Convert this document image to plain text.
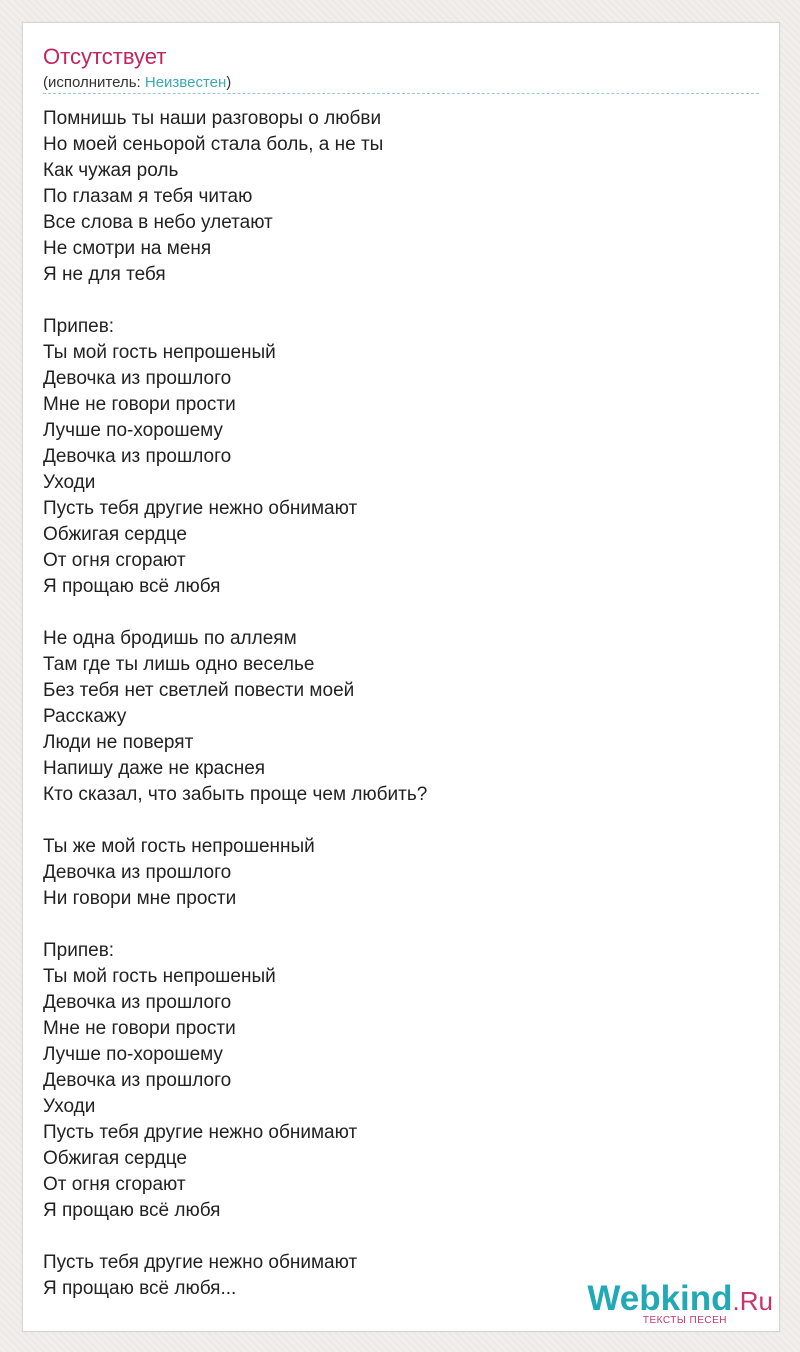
Отсутствует
(исполнитель: Неизвестен)
Помнишь ты наши разговоры о любви
Но моей сеньорой стала боль, а не ты
Как чужая роль
По глазам я тебя читаю
Все слова в небо улетают
Не смотри на меня
Я не для тебя
Припев:
Ты мой гость непрошеный
Девочка из прошлого
Мне не говори прости
Лучше по-хорошему
Девочка из прошлого
Уходи
Пусть тебя другие нежно обнимают
Обжигая сердце
От огня сгорают
Я прощаю всё любя
Не одна бродишь по аллеям
Там где ты лишь одно веселье
Без тебя нет светлей повести моей
Расскажу
Люди не поверят
Напишу даже не краснея
Кто сказал, что забыть проще чем любить?
Ты же мой гость непрошенный
Девочка из прошлого
Ни говори мне прости
Припев:
Ты мой гость непрошеный
Девочка из прошлого
Мне не говори прости
Лучше по-хорошему
Девочка из прошлого
Уходи
Пусть тебя другие нежно обнимают
Обжигая сердце
От огня сгорают
Я прощаю всё любя
Пусть тебя другие нежно обнимают
Я прощаю всё любя...	Webkind.Ru
ТЕКСТЫ ПЕСЕН
